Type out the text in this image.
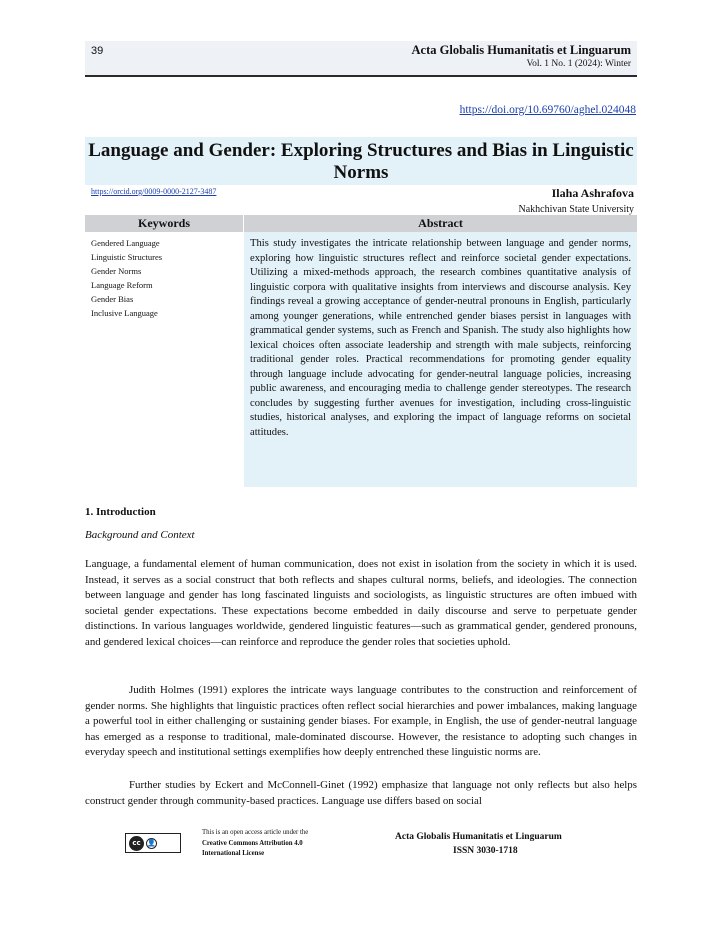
39	Acta Globalis Humanitatis et Linguarum
Vol. 1 No. 1 (2024): Winter
https://doi.org/10.69760/aghel.024048
Language and Gender: Exploring Structures and Bias in Linguistic Norms
https://orcid.org/0009-0000-2127-3487	Ilaha Ashrafova
Nakhchivan State University
Keywords	Abstract
Gendered Language
Linguistic Structures
Gender Norms
Language Reform
Gender Bias
Inclusive Language
This study investigates the intricate relationship between language and gender norms, exploring how linguistic structures reflect and reinforce societal gender expectations. Utilizing a mixed-methods approach, the research combines quantitative analysis of linguistic corpora with qualitative insights from interviews and discourse analysis. Key findings reveal a growing acceptance of gender-neutral pronouns in English, particularly among younger generations, while entrenched gender biases persist in languages with grammatical gender systems, such as French and Spanish. The study also highlights how lexical choices often associate leadership and strength with male subjects, reinforcing traditional gender roles. Practical recommendations for promoting gender equality through language include advocating for gender-neutral language policies, increasing public awareness, and encouraging media to challenge gender stereotypes. The research concludes by suggesting further avenues for investigation, including cross-linguistic studies, historical analyses, and exploring the impact of language reforms on societal attitudes.
1. Introduction
Background and Context

Language, a fundamental element of human communication, does not exist in isolation from the society in which it is used. Instead, it serves as a social construct that both reflects and shapes cultural norms, beliefs, and ideologies. The connection between language and gender has long fascinated linguists and sociologists, as linguistic structures are often imbued with societal gender expectations. These expectations become embedded in daily discourse and serve to perpetuate gender distinctions. In various languages worldwide, gendered linguistic features—such as grammatical gender, gendered pronouns, and gendered lexical choices—can reinforce and reproduce the gender roles that societies uphold.

Judith Holmes (1991) explores the intricate ways language contributes to the construction and reinforcement of gender norms. She highlights that linguistic practices often reflect social hierarchies and power imbalances, making language a powerful tool in either challenging or sustaining gender biases. For example, in English, the use of gender-neutral language has emerged as a response to traditional, male-dominated discourse. However, the resistance to adopting such changes in everyday speech and institutional settings exemplifies how deeply entrenched these linguistic norms are.

Further studies by Eckert and McConnell-Ginet (1992) emphasize that language not only reflects but also helps construct gender through community-based practices. Language use differs based on social

cc 👤
This is an open access article under the
Creative Commons Attribution 4.0
International License
Acta Globalis Humanitatis et Linguarum
ISSN 3030-1718
